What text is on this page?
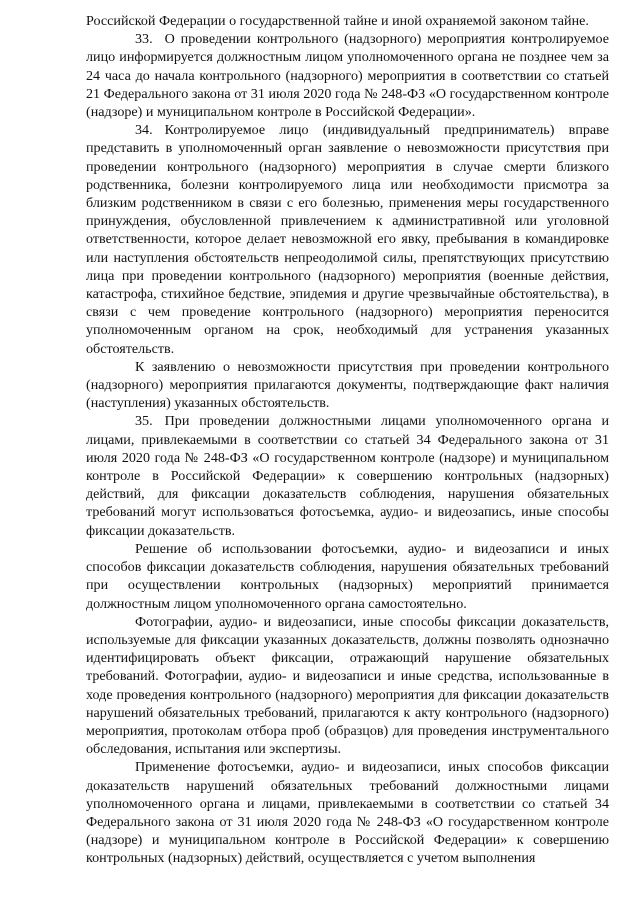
Российской Федерации о государственной тайне и иной охраняемой законом тайне.

33. О проведении контрольного (надзорного) мероприятия контролируемое лицо информируется должностным лицом уполномоченного органа не позднее чем за 24 часа до начала контрольного (надзорного) мероприятия в соответствии со статьей 21 Федерального закона от 31 июля 2020 года № 248-ФЗ «О государственном контроле (надзоре) и муниципальном контроле в Российской Федерации».

34. Контролируемое лицо (индивидуальный предприниматель) вправе представить в уполномоченный орган заявление о невозможности присутствия при проведении контрольного (надзорного) мероприятия в случае смерти близкого родственника, болезни контролируемого лица или необходимости присмотра за близким родственником в связи с его болезнью, применения меры государственного принуждения, обусловленной привлечением к административной или уголовной ответственности, которое делает невозможной его явку, пребывания в командировке или наступления обстоятельств непреодолимой силы, препятствующих присутствию лица при проведении контрольного (надзорного) мероприятия (военные действия, катастрофа, стихийное бедствие, эпидемия и другие чрезвычайные обстоятельства), в связи с чем проведение контрольного (надзорного) мероприятия переносится уполномоченным органом на срок, необходимый для устранения указанных обстоятельств.

К заявлению о невозможности присутствия при проведении контрольного (надзорного) мероприятия прилагаются документы, подтверждающие факт наличия (наступления) указанных обстоятельств.

35. При проведении должностными лицами уполномоченного органа и лицами, привлекаемыми в соответствии со статьей 34 Федерального закона от 31 июля 2020 года № 248-ФЗ «О государственном контроле (надзоре) и муниципальном контроле в Российской Федерации» к совершению контрольных (надзорных) действий, для фиксации доказательств соблюдения, нарушения обязательных требований могут использоваться фотосъемка, аудио- и видеозапись, иные способы фиксации доказательств.

Решение об использовании фотосъемки, аудио- и видеозаписи и иных способов фиксации доказательств соблюдения, нарушения обязательных требований при осуществлении контрольных (надзорных) мероприятий принимается должностным лицом уполномоченного органа самостоятельно.

Фотографии, аудио- и видеозаписи, иные способы фиксации доказательств, используемые для фиксации указанных доказательств, должны позволять однозначно идентифицировать объект фиксации, отражающий нарушение обязательных требований. Фотографии, аудио- и видеозаписи и иные средства, использованные в ходе проведения контрольного (надзорного) мероприятия для фиксации доказательств нарушений обязательных требований, прилагаются к акту контрольного (надзорного) мероприятия, протоколам отбора проб (образцов) для проведения инструментального обследования, испытания или экспертизы.

Применение фотосъемки, аудио- и видеозаписи, иных способов фиксации доказательств нарушений обязательных требований должностными лицами уполномоченного органа и лицами, привлекаемыми в соответствии со статьей 34 Федерального закона от 31 июля 2020 года № 248-ФЗ «О государственном контроле (надзоре) и муниципальном контроле в Российской Федерации» к совершению контрольных (надзорных) действий, осуществляется с учетом выполнения
